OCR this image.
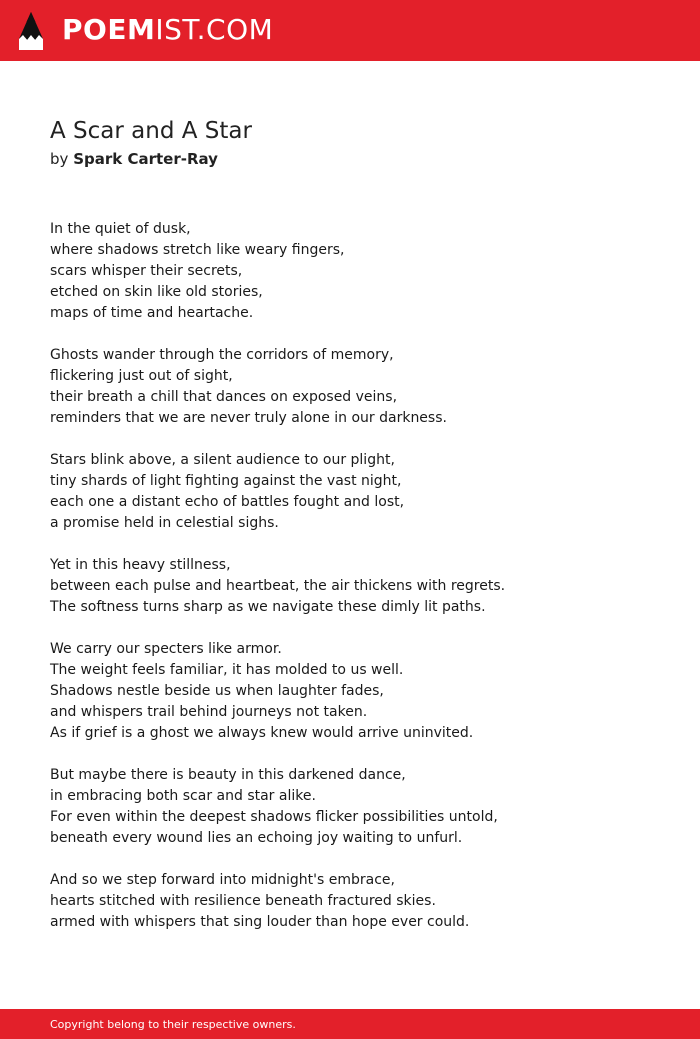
POEMIST.COM
A Scar and A Star
by Spark Carter-Ray
In the quiet of dusk,
where shadows stretch like weary fingers,
scars whisper their secrets,
etched on skin like old stories,
maps of time and heartache.
Ghosts wander through the corridors of memory,
flickering just out of sight,
their breath a chill that dances on exposed veins,
reminders that we are never truly alone in our darkness.
Stars blink above, a silent audience to our plight,
tiny shards of light fighting against the vast night,
each one a distant echo of battles fought and lost,
a promise held in celestial sighs.
Yet in this heavy stillness,
between each pulse and heartbeat, the air thickens with regrets.
The softness turns sharp as we navigate these dimly lit paths.
We carry our specters like armor.
The weight feels familiar, it has molded to us well.
Shadows nestle beside us when laughter fades,
and whispers trail behind journeys not taken.
As if grief is a ghost we always knew would arrive uninvited.
But maybe there is beauty in this darkened dance,
in embracing both scar and star alike.
For even within the deepest shadows flicker possibilities untold,
beneath every wound lies an echoing joy waiting to unfurl.
And so we step forward into midnight's embrace,
hearts stitched with resilience beneath fractured skies.
armed with whispers that sing louder than hope ever could.
Copyright belong to their respective owners.
